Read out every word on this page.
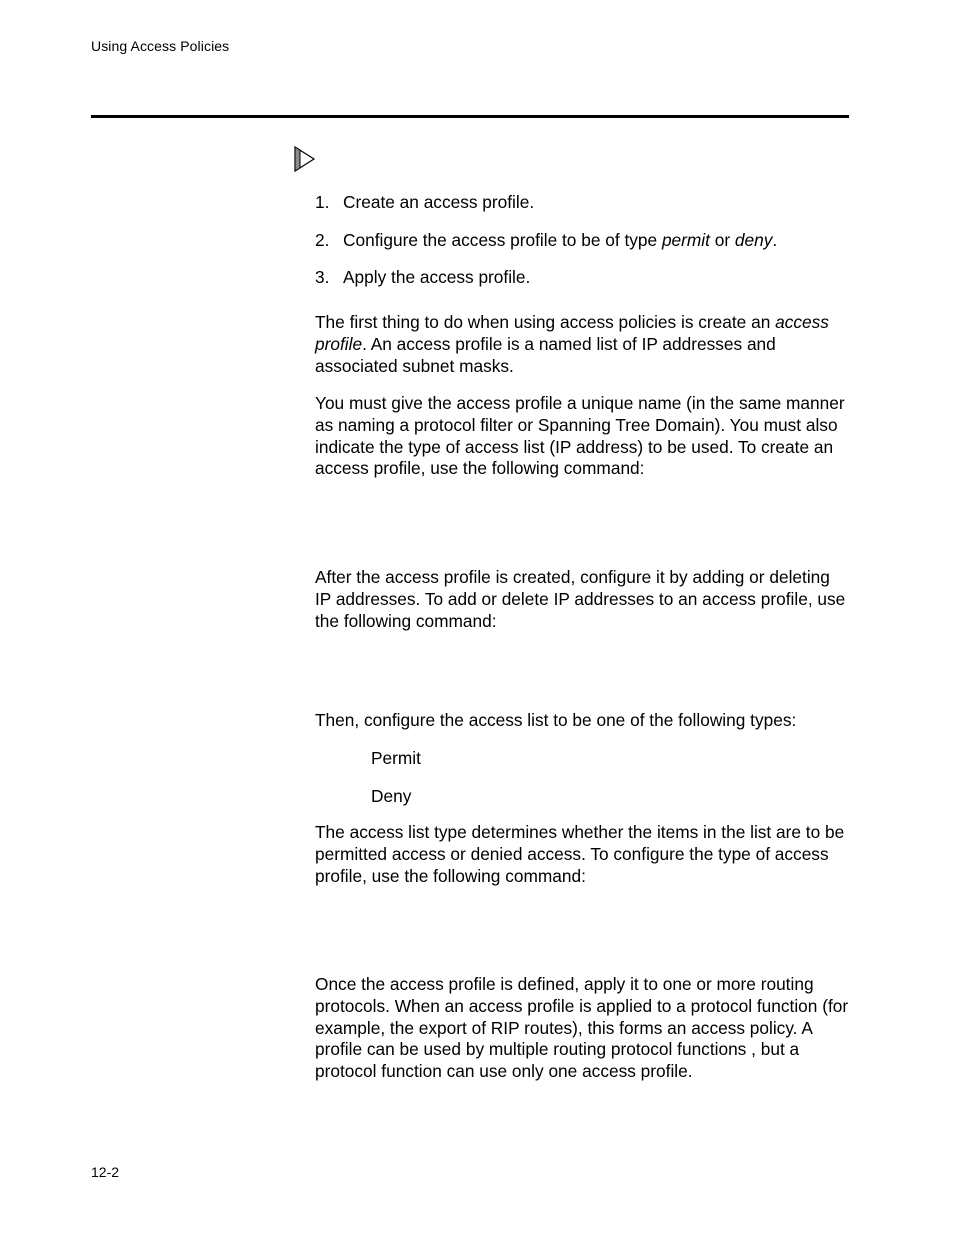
Using Access Policies
1. Create an access profile.
2. Configure the access profile to be of type permit or deny.
3. Apply the access profile.

The first thing to do when using access policies is create an access profile. An access profile is a named list of IP addresses and associated subnet masks.

You must give the access profile a unique name (in the same manner as naming a protocol filter or Spanning Tree Domain). You must also indicate the type of access list (IP address) to be used. To create an access profile, use the following command:

After the access profile is created, configure it by adding or deleting IP addresses. To add or delete IP addresses to an access profile, use the following command:

Then, configure the access list to be one of the following types:

Permit
Deny

The access list type determines whether the items in the list are to be permitted access or denied access. To configure the type of access profile, use the following command:

Once the access profile is defined, apply it to one or more routing protocols. When an access profile is applied to a protocol function (for example, the export of RIP routes), this forms an access policy. A profile can be used by multiple routing protocol functions , but a protocol function can use only one access profile.

12-2
